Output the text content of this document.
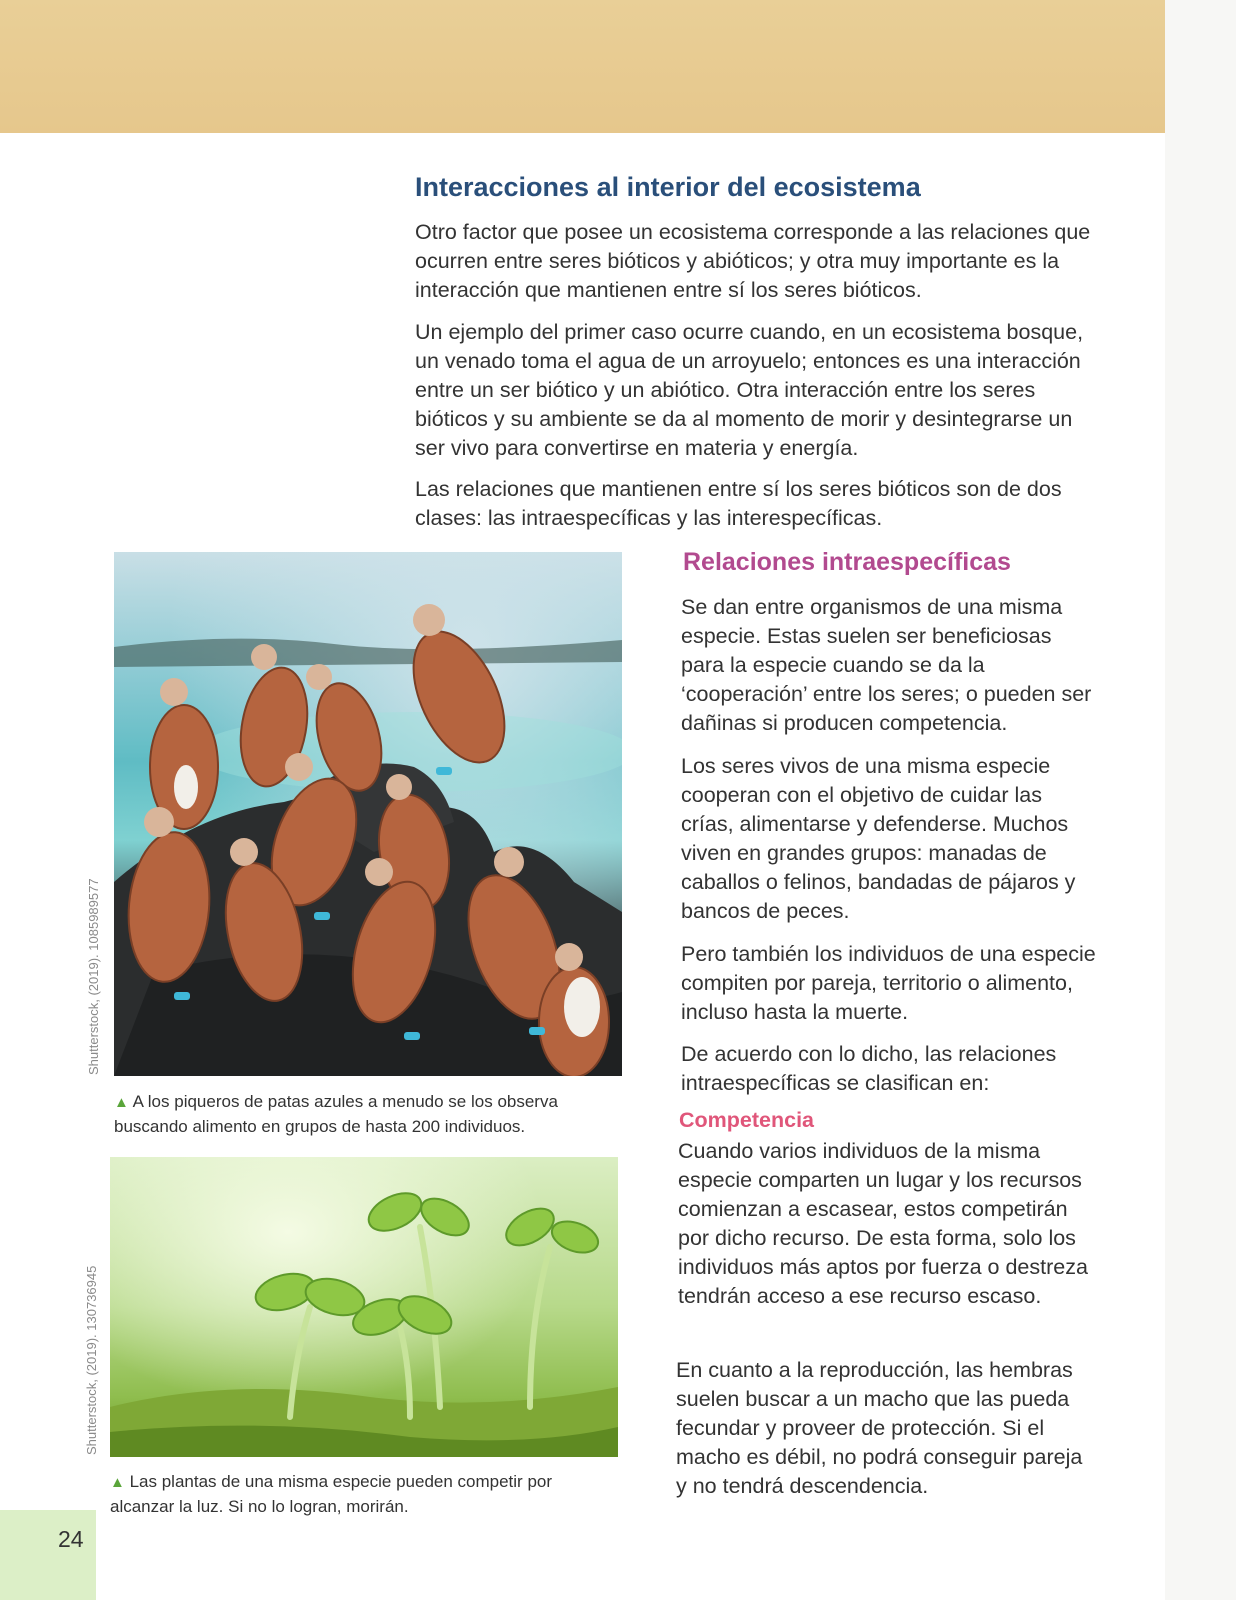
Interacciones al interior del ecosistema

Otro factor que posee un ecosistema corresponde a las relaciones que ocurren entre seres bióticos y abióticos; y otra muy importante es la interacción que mantienen entre sí los seres bióticos.

Un ejemplo del primer caso ocurre cuando, en un ecosistema bosque, un venado toma el agua de un arroyuelo; entonces es una interacción entre un ser biótico y un abiótico. Otra interacción entre los seres bióticos y su ambiente se da al momento de morir y desintegrarse un ser vivo para convertirse en materia y energía.

Las relaciones que mantienen entre sí los seres bióticos son de dos clases: las intraespecíficas y las interespecíficas.

Shutterstock, (2019). 1085989577

▲ A los piqueros de patas azules a menudo se los observa buscando alimento en grupos de hasta 200 individuos.

Shutterstock, (2019). 130736945

▲ Las plantas de una misma especie pueden competir por alcanzar la luz. Si no lo logran, morirán.

Relaciones intraespecíficas

Se dan entre organismos de una misma especie. Estas suelen ser beneficiosas para la especie cuando se da la ‘cooperación’ entre los seres; o pueden ser dañinas si producen competencia.

Los seres vivos de una misma especie cooperan con el objetivo de cuidar las crías, alimentarse y defenderse. Muchos viven en grandes grupos: manadas de caballos o felinos, bandadas de pájaros y bancos de peces.

Pero también los individuos de una especie compiten por pareja, territorio o alimento, incluso hasta la muerte.

De acuerdo con lo dicho, las relaciones intraespecíficas se clasifican en:

Competencia

Cuando varios individuos de la misma especie comparten un lugar y los recursos comienzan a escasear, estos competirán por dicho recurso. De esta forma, solo los individuos más aptos por fuerza o destreza tendrán acceso a ese recurso escaso.

En cuanto a la reproducción, las hembras suelen buscar a un macho que las pueda fecundar y proveer de protección. Si el macho es débil, no podrá conseguir pareja y no tendrá descendencia.

24
